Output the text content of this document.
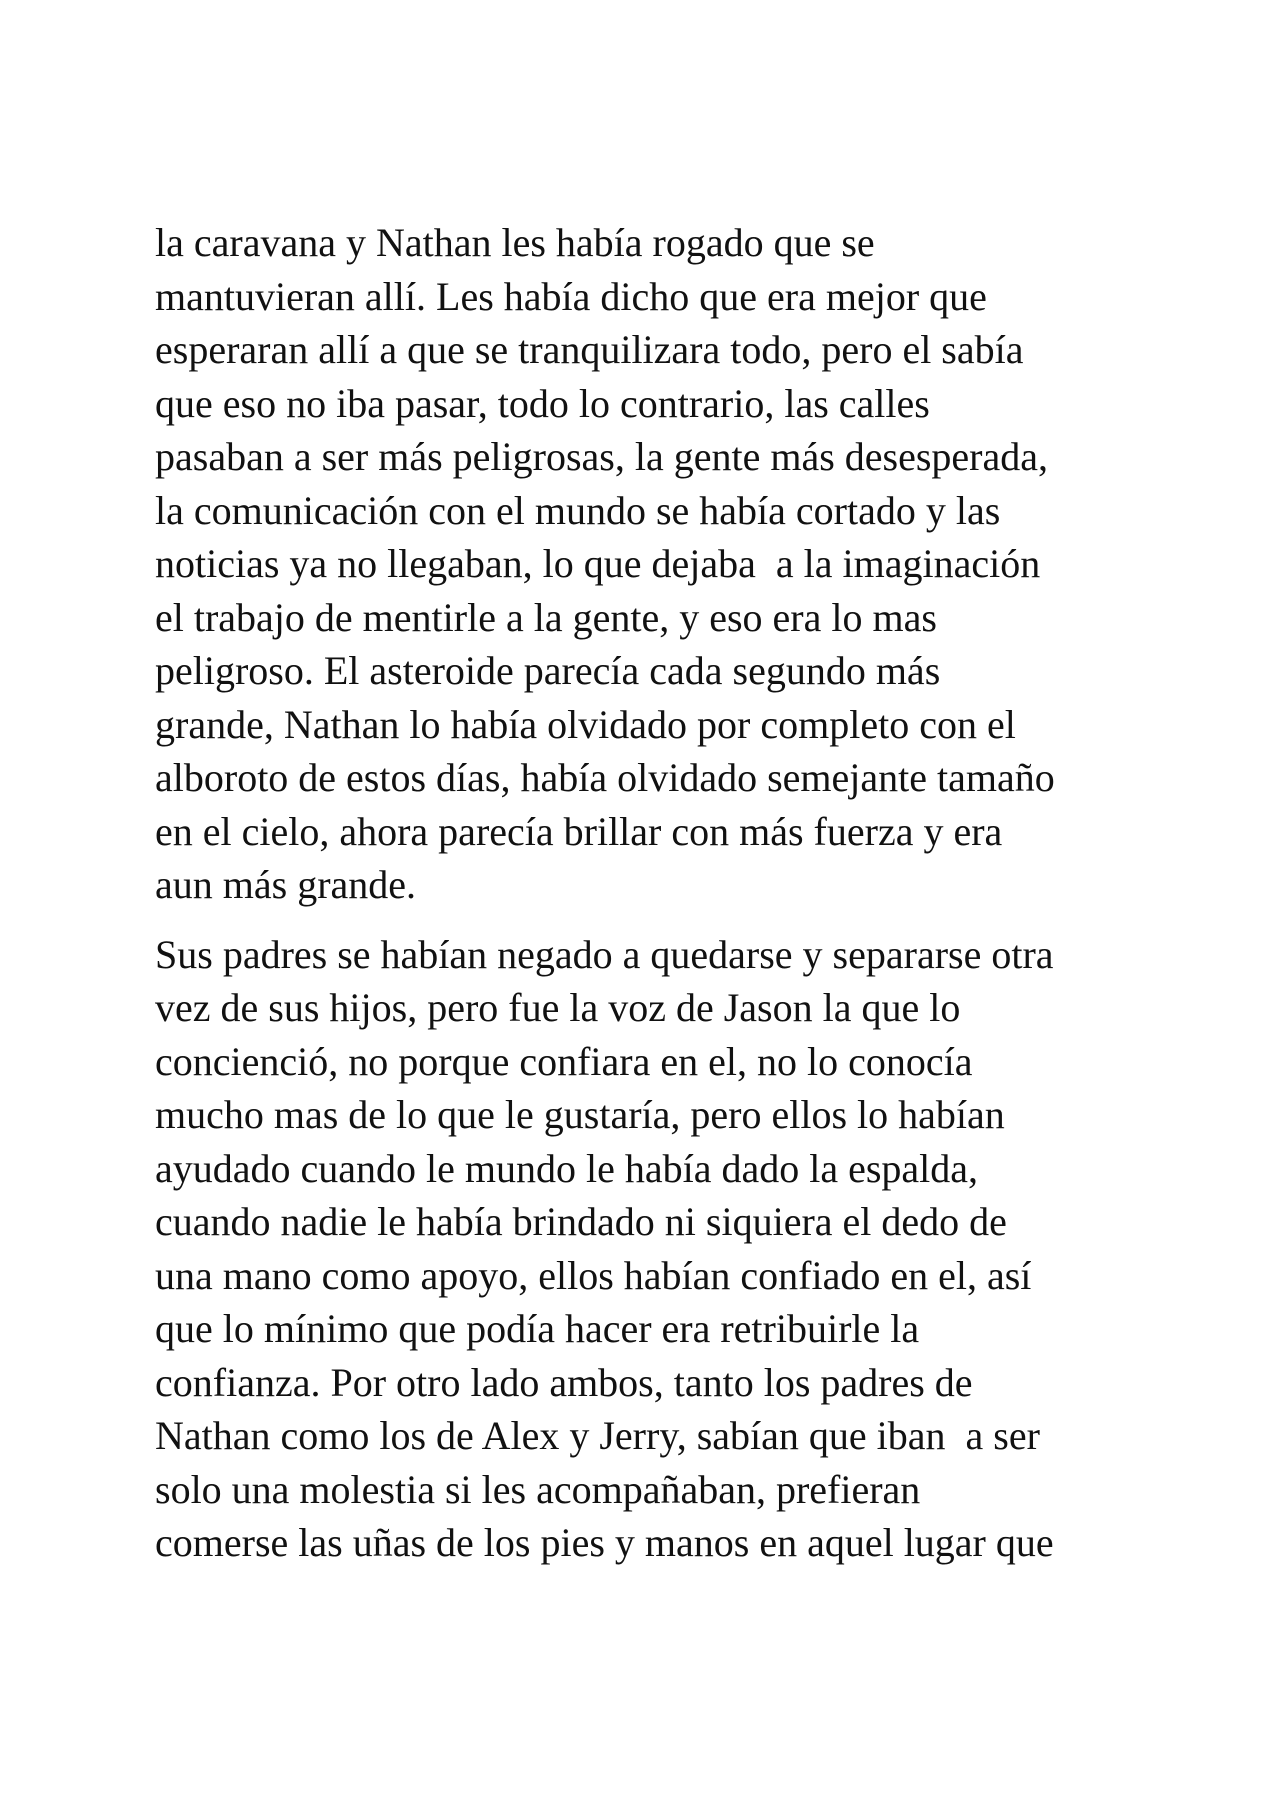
la caravana y Nathan les había rogado que se
mantuvieran allí. Les había dicho que era mejor que
esperaran allí a que se tranquilizara todo, pero el sabía
que eso no iba pasar, todo lo contrario, las calles
pasaban a ser más peligrosas, la gente más desesperada,
la comunicación con el mundo se había cortado y las
noticias ya no llegaban, lo que dejaba  a la imaginación
el trabajo de mentirle a la gente, y eso era lo mas
peligroso. El asteroide parecía cada segundo más
grande, Nathan lo había olvidado por completo con el
alboroto de estos días, había olvidado semejante tamaño
en el cielo, ahora parecía brillar con más fuerza y era
aun más grande.

Sus padres se habían negado a quedarse y separarse otra
vez de sus hijos, pero fue la voz de Jason la que lo
concienció, no porque confiara en el, no lo conocía
mucho mas de lo que le gustaría, pero ellos lo habían
ayudado cuando le mundo le había dado la espalda,
cuando nadie le había brindado ni siquiera el dedo de
una mano como apoyo, ellos habían confiado en el, así
que lo mínimo que podía hacer era retribuirle la
confianza. Por otro lado ambos, tanto los padres de
Nathan como los de Alex y Jerry, sabían que iban  a ser
solo una molestia si les acompañaban, prefieran
comerse las uñas de los pies y manos en aquel lugar que
